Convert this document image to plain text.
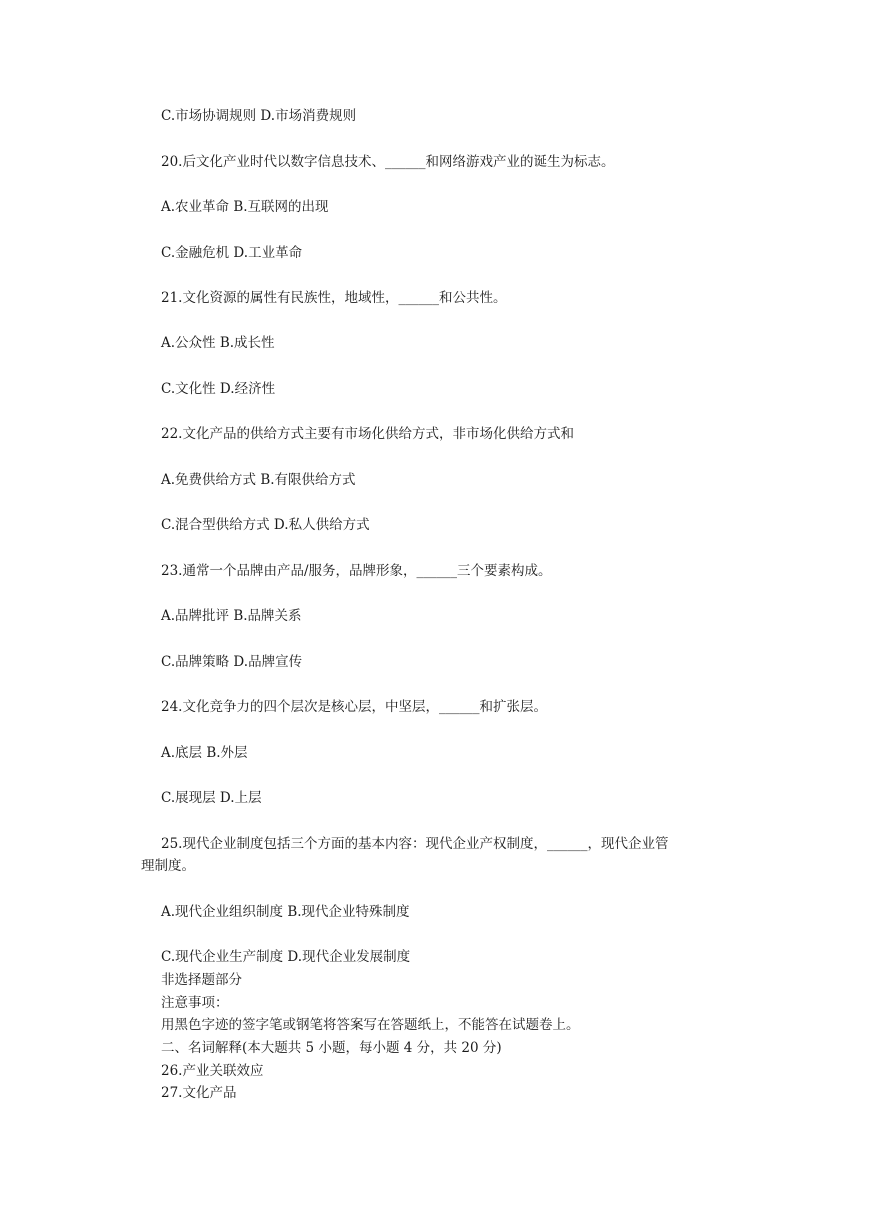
C.市场协调规则 D.市场消费规则
20.后文化产业时代以数字信息技术、______和网络游戏产业的诞生为标志。
A.农业革命 B.互联网的出现
C.金融危机 D.工业革命
21.文化资源的属性有民族性，地域性，______和公共性。
A.公众性 B.成长性
C.文化性 D.经济性
22.文化产品的供给方式主要有市场化供给方式，非市场化供给方式和
A.免费供给方式 B.有限供给方式
C.混合型供给方式 D.私人供给方式
23.通常一个品牌由产品/服务，品牌形象，______三个要素构成。
A.品牌批评 B.品牌关系
C.品牌策略 D.品牌宣传
24.文化竞争力的四个层次是核心层，中坚层，______和扩张层。
A.底层 B.外层
C.展现层 D.上层
25.现代企业制度包括三个方面的基本内容：现代企业产权制度，______，现代企业管
理制度。
A.现代企业组织制度 B.现代企业特殊制度
C.现代企业生产制度 D.现代企业发展制度
非选择题部分
注意事项：
用黑色字迹的签字笔或钢笔将答案写在答题纸上，不能答在试题卷上。
二、名词解释(本大题共 5 小题，每小题 4 分，共 20 分)
26.产业关联效应
27.文化产品
